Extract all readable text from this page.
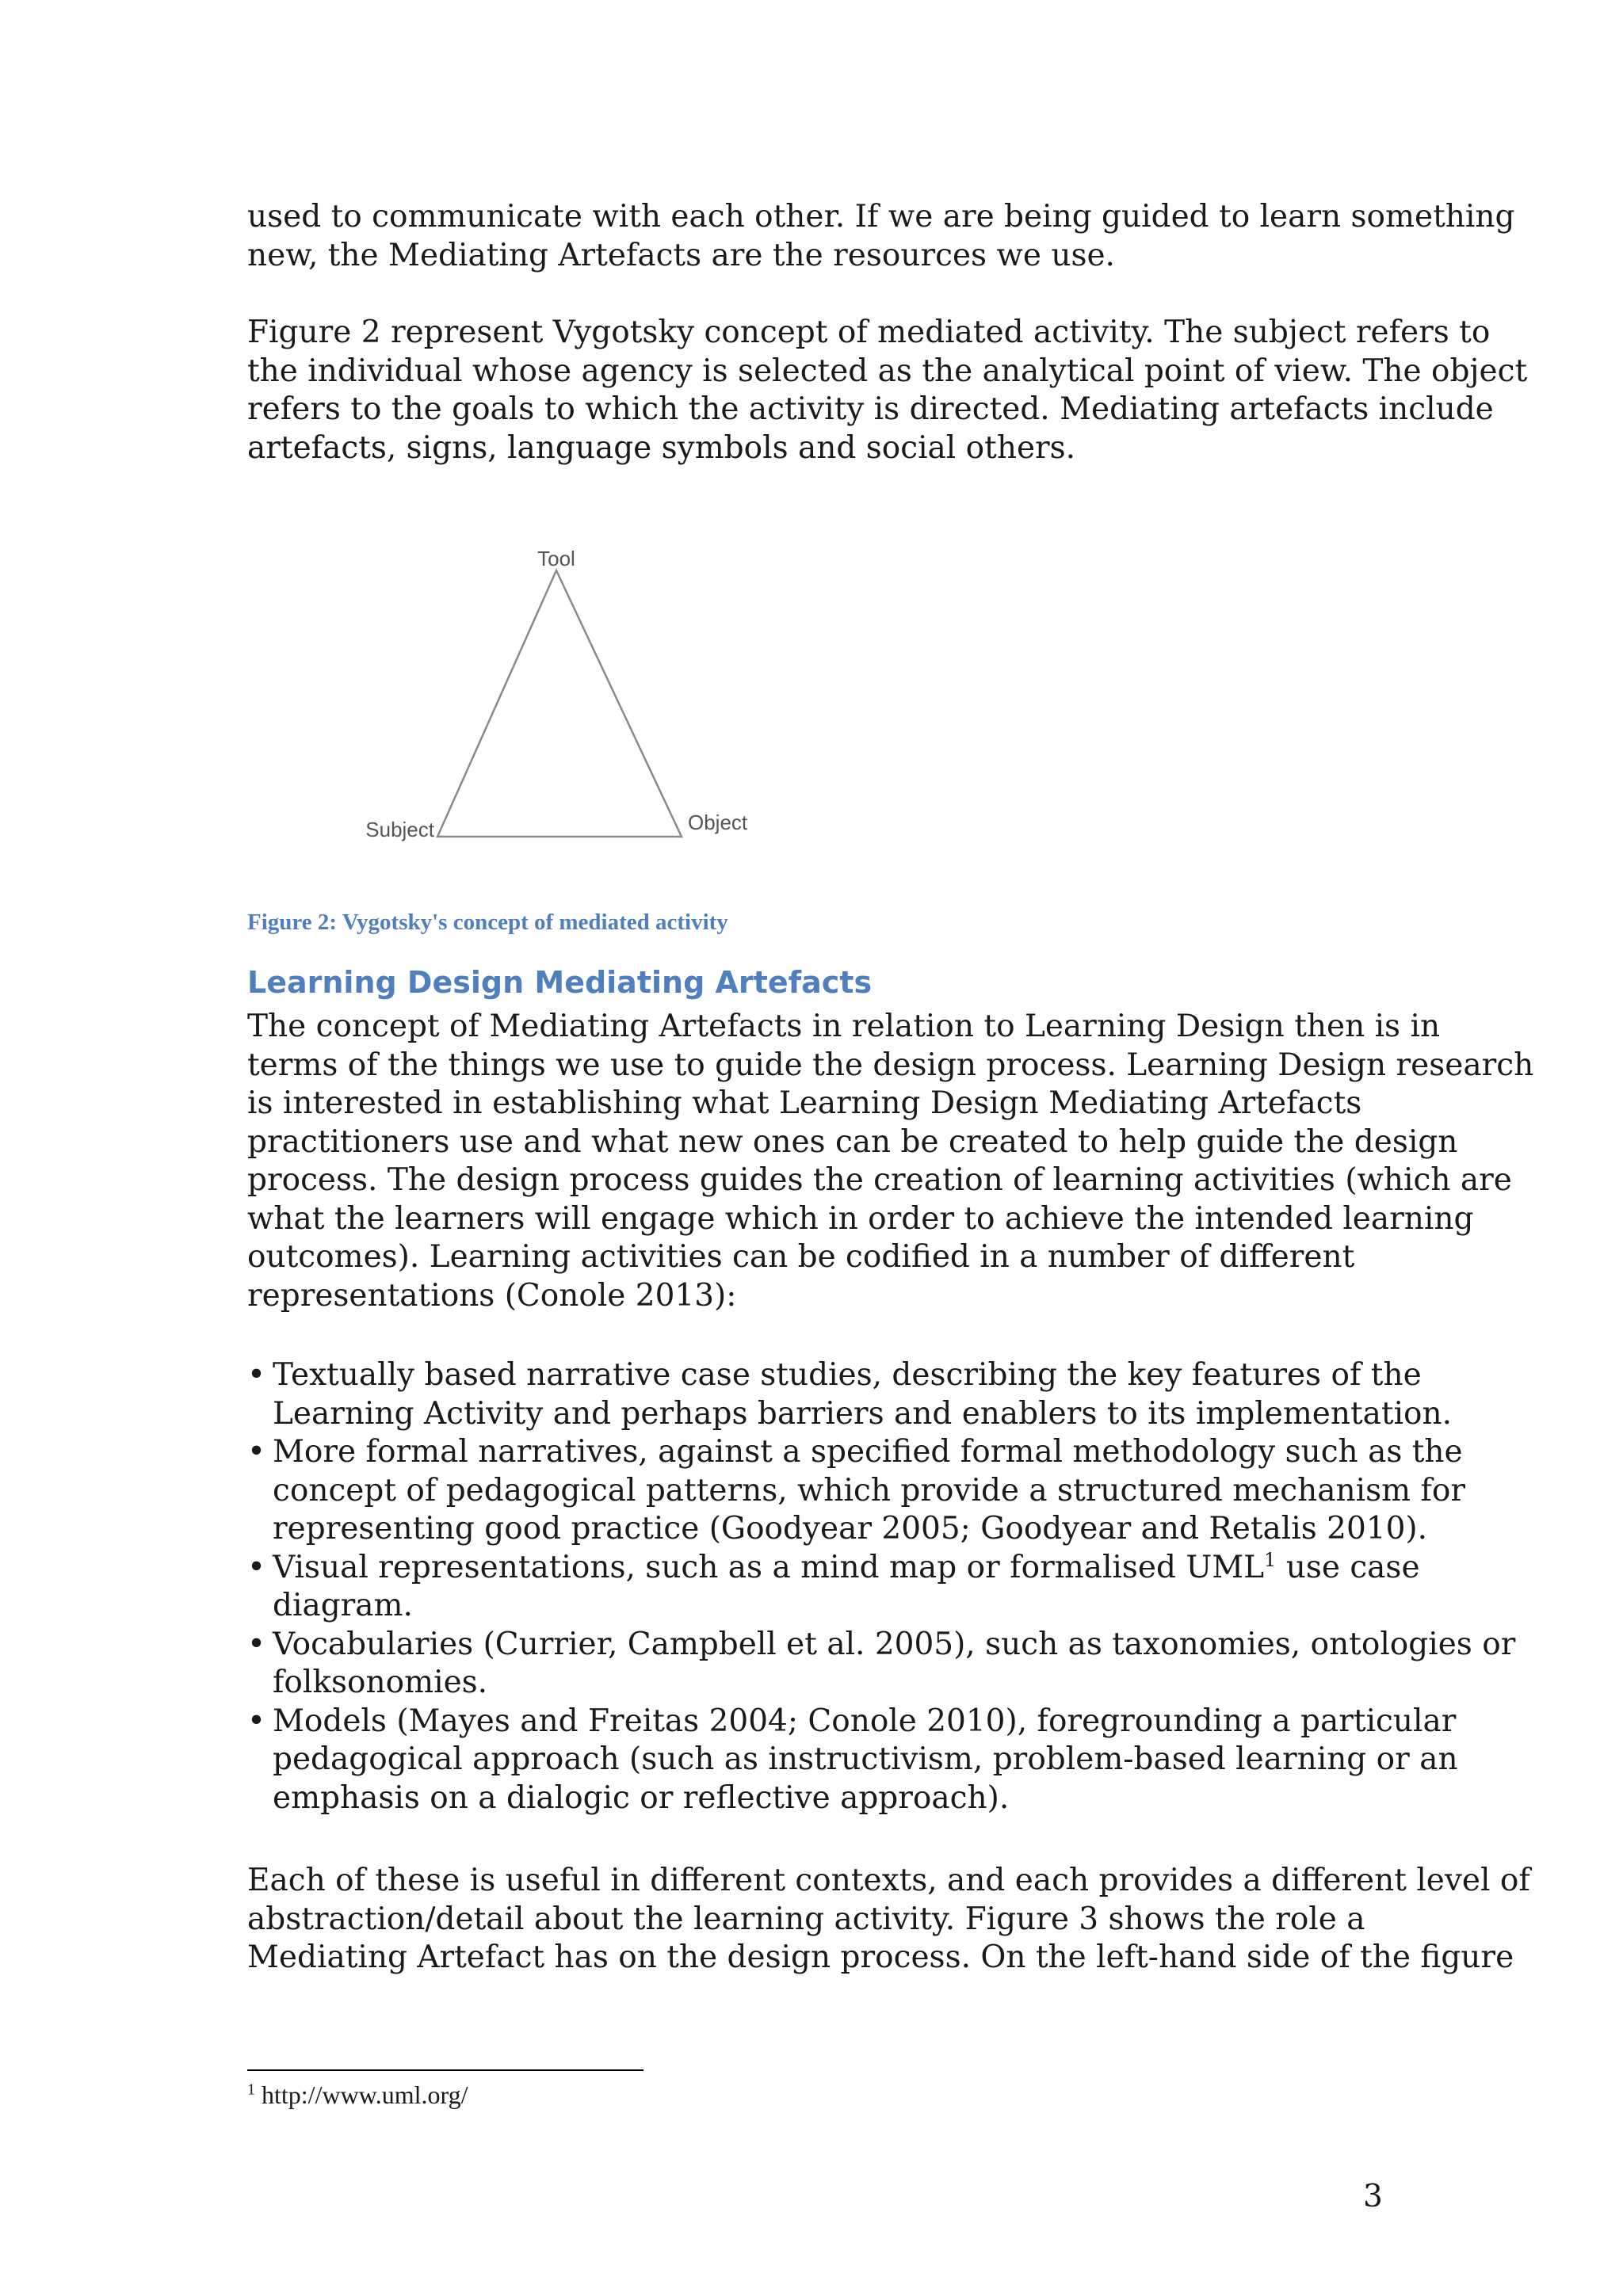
used to communicate with each other. If we are being guided to learn something
new, the Mediating Artefacts are the resources we use.

Figure 2 represent Vygotsky concept of mediated activity. The subject refers to
the individual whose agency is selected as the analytical point of view. The object
refers to the goals to which the activity is directed. Mediating artefacts include
artefacts, signs, language symbols and social others.

Tool
Subject	Object

Figure 2: Vygotsky's concept of mediated activity

Learning Design Mediating Artefacts

The concept of Mediating Artefacts in relation to Learning Design then is in
terms of the things we use to guide the design process. Learning Design research
is interested in establishing what Learning Design Mediating Artefacts
practitioners use and what new ones can be created to help guide the design
process. The design process guides the creation of learning activities (which are
what the learners will engage which in order to achieve the intended learning
outcomes). Learning activities can be codified in a number of different
representations (Conole 2013):

• Textually based narrative case studies, describing the key features of the
Learning Activity and perhaps barriers and enablers to its implementation.
• More formal narratives, against a specified formal methodology such as the
concept of pedagogical patterns, which provide a structured mechanism for
representing good practice (Goodyear 2005; Goodyear and Retalis 2010).
• Visual representations, such as a mind map or formalised UML$^1$ use case
diagram.
• Vocabularies (Currier, Campbell et al. 2005), such as taxonomies, ontologies or
folksonomies.
• Models (Mayes and Freitas 2004; Conole 2010), foregrounding a particular
pedagogical approach (such as instructivism, problem-based learning or an
emphasis on a dialogic or reflective approach).

Each of these is useful in different contexts, and each provides a different level of
abstraction/detail about the learning activity. Figure 3 shows the role a
Mediating Artefact has on the design process. On the left-hand side of the figure

$^1$ http://www.uml.org/

3
